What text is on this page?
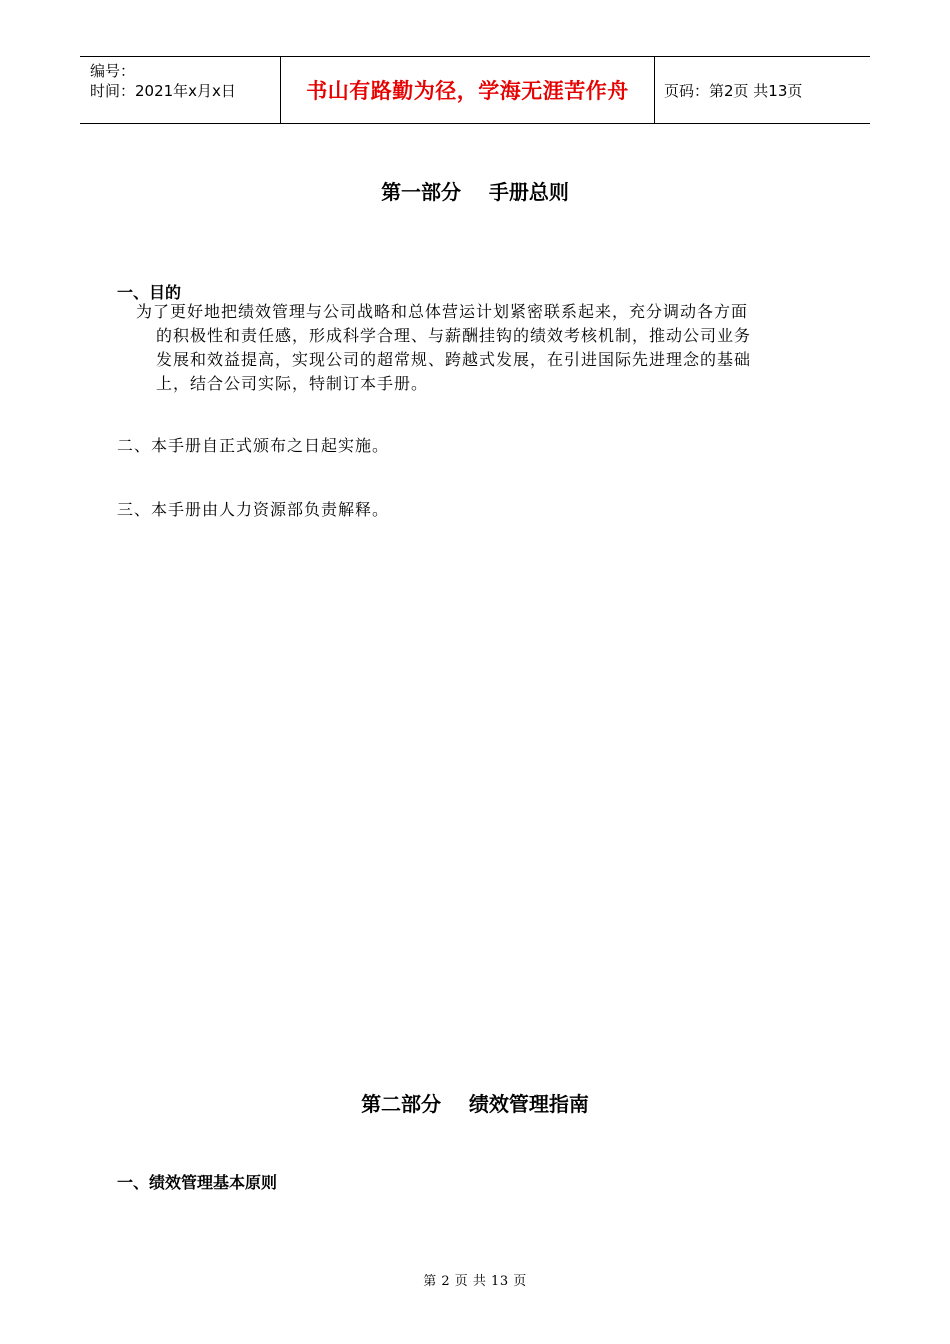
编号：
时间：2021年x月x日	书山有路勤为径，学海无涯苦作舟	页码：第2页 共13页
第一部分    手册总则
一、目的
为了更好地把绩效管理与公司战略和总体营运计划紧密联系起来，充分调动各方面
的积极性和责任感，形成科学合理、与薪酬挂钩的绩效考核机制，推动公司业务
发展和效益提高，实现公司的超常规、跨越式发展，在引进国际先进理念的基础
上，结合公司实际，特制订本手册。
二、本手册自正式颁布之日起实施。
三、本手册由人力资源部负责解释。
第二部分    绩效管理指南
一、绩效管理基本原则
第 2 页 共 13 页
